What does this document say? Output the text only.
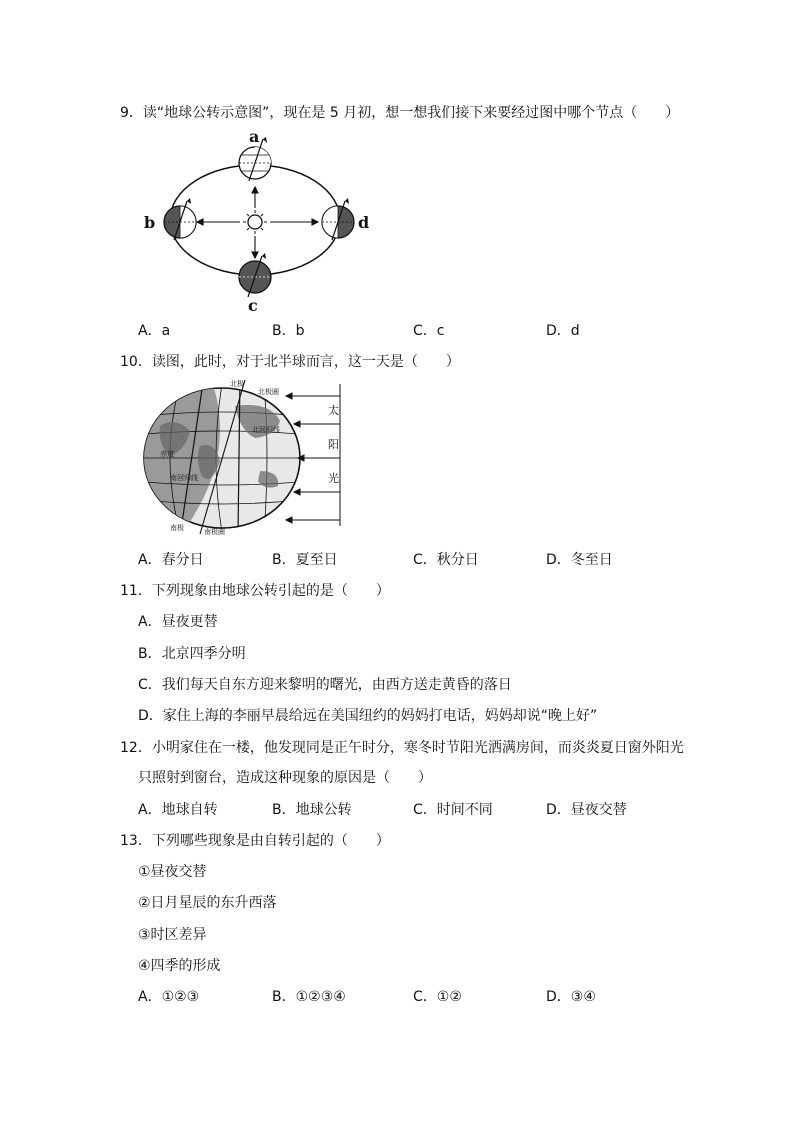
9．读“地球公转示意图”，现在是 5 月初，想一想我们接下来要经过图中哪个节点（　　）
a
b	d
c
A．a	B．b	C．c	D．d
10．读图，此时，对于北半球而言，这一天是（　　）
太
阳
光
北极
北极圈
北回归线
赤道
南回归线
南极	南极圈
A．春分日	B．夏至日	C．秋分日	D．冬至日
11．下列现象由地球公转引起的是（　　）
A．昼夜更替
B．北京四季分明
C．我们每天自东方迎来黎明的曙光，由西方送走黄昏的落日
D．家住上海的李丽早晨给远在美国纽约的妈妈打电话，妈妈却说“晚上好”
12．小明家住在一楼，他发现同是正午时分，寒冬时节阳光洒满房间，而炎炎夏日窗外阳光
只照射到窗台，造成这种现象的原因是（　　）
A．地球自转	B．地球公转	C．时间不同	D．昼夜交替
13．下列哪些现象是由自转引起的（　　）
①昼夜交替
②日月星辰的东升西落
③时区差异
④四季的形成
A．①②③	B．①②③④	C．①②	D．③④
